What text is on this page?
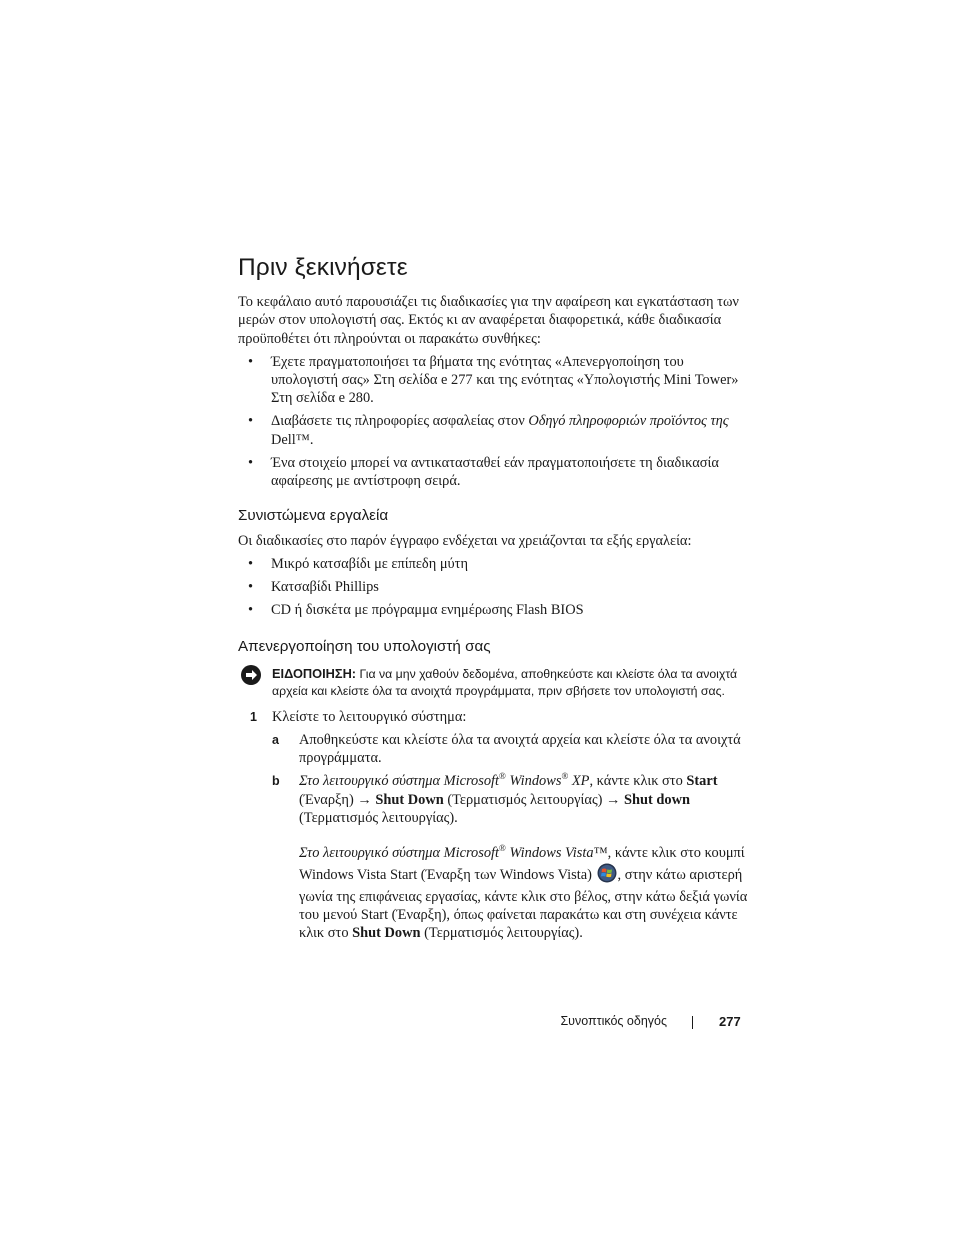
Πριν ξεκινήσετε

Το κεφάλαιο αυτό παρουσιάζει τις διαδικασίες για την αφαίρεση και εγκατάσταση των μερών στον υπολογιστή σας. Εκτός κι αν αναφέρεται διαφορετικά, κάθε διαδικασία προϋποθέτει ότι πληρούνται οι παρακάτω συνθήκες:

• Έχετε πραγματοποιήσει τα βήματα της ενότητας «Απενεργοποίηση του υπολογιστή σας» Στη σελίδα e 277 και της ενότητας «Υπολογιστής Mini Tower» Στη σελίδα e 280.
• Διαβάσετε τις πληροφορίες ασφαλείας στον Οδηγό πληροφοριών προϊόντος της Dell™.
• Ένα στοιχείο μπορεί να αντικατασταθεί εάν πραγματοποιήσετε τη διαδικασία αφαίρεσης με αντίστροφη σειρά.
Συνιστώμενα εργαλεία

Οι διαδικασίες στο παρόν έγγραφο ενδέχεται να χρειάζονται τα εξής εργαλεία:

• Μικρό κατσαβίδι με επίπεδη μύτη
• Κατσαβίδι Phillips
• CD ή δισκέτα με πρόγραμμα ενημέρωσης Flash BIOS
Απενεργοποίηση του υπολογιστή σας
ΕΙΔΟΠΟΙΗΣΗ: Για να μην χαθούν δεδομένα, αποθηκεύστε και κλείστε όλα τα ανοιχτά αρχεία και κλείστε όλα τα ανοιχτά προγράμματα, πριν σβήσετε τον υπολογιστή σας.
1 Κλείστε το λειτουργικό σύστημα:
a Αποθηκεύστε και κλείστε όλα τα ανοιχτά αρχεία και κλείστε όλα τα ανοιχτά προγράμματα.
b Στο λειτουργικό σύστημα Microsoft® Windows® XP, κάντε κλικ στο Start (Έναρξη) → Shut Down (Τερματισμός λειτουργίας) → Shut down (Τερματισμός λειτουργίας).

Στο λειτουργικό σύστημα Microsoft® Windows Vista™, κάντε κλικ στο κουμπί Windows Vista Start (Έναρξη των Windows Vista) , στην κάτω αριστερή γωνία της επιφάνειας εργασίας, κάντε κλικ στο βέλος, στην κάτω δεξιά γωνία του μενού Start (Έναρξη), όπως φαίνεται παρακάτω και στη συνέχεια κάντε κλικ στο Shut Down (Τερματισμός λειτουργίας).

Συνοπτικός οδηγός	277
